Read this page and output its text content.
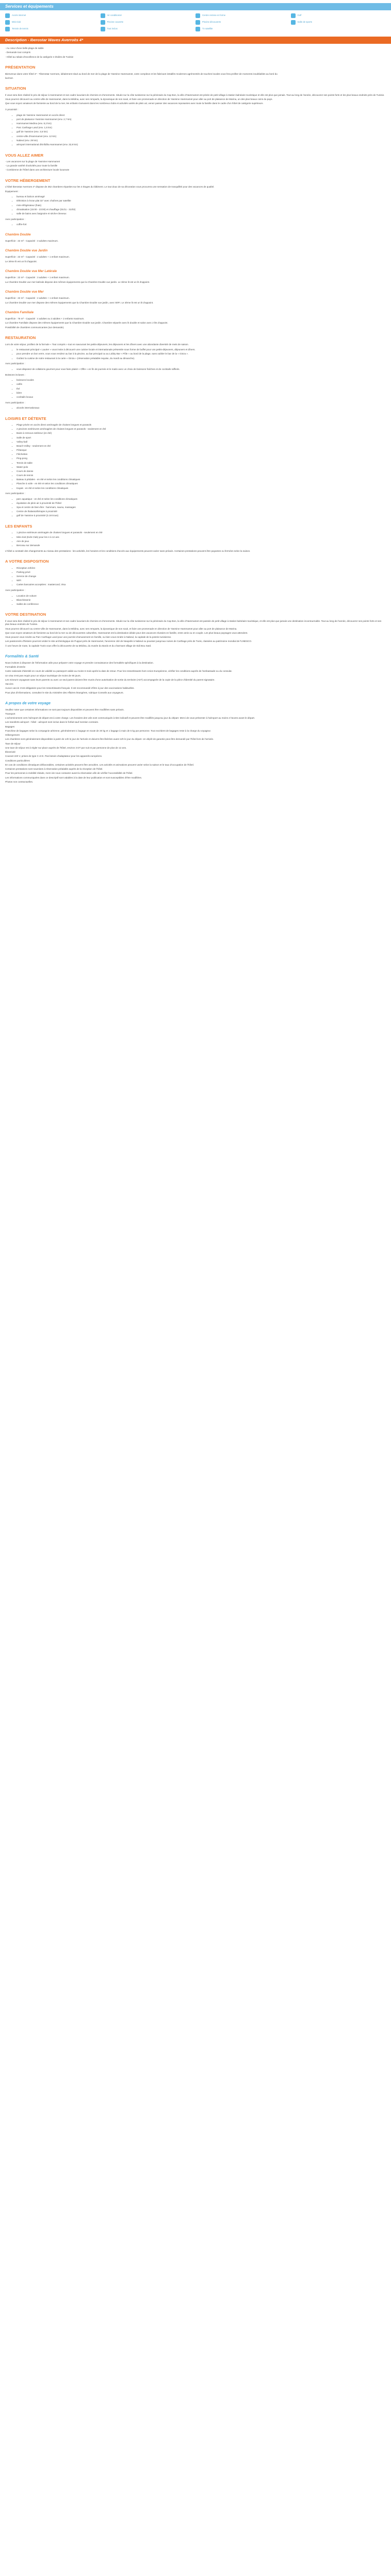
Services et équipements
Accès internet	Air conditionné	Centre remise en forme	Golf
Mini-club	Piscine couverte	Piscine découverte	Salle de sports
Terrain de tennis	Tout inclus	Tv satellite
Description - Iberostar Waves Averroès 4*

- Au cœur d'une belle plage de sable

- Demande tout compris

- Hôtel au rabais d'excellence de la catégorie 4 étoiles de Tunisie

PRÉSENTATION

Bienvenue dans votre hôtel 4* - Tiberostar Averroes, idéalement situé au bord de mer de la plage de Yasmine Hammamet, votre complexe et les fabricant installés modernes agrémentés de touches locales vous fera profiter de moments inoubliables au bord du

lac/mer.

SITUATION

Il vous sera bien réalisé le prix de séjour à Hammamet et son cadre luxuriant de chemins et d'ornements. Située sur la côte tunisienne sur la péninsule du Cap Bon, la ville d'Hammamet est prisée de petit village à station balnéaire touristique et elle est plus que jamais. Tout au long de l'année, découvrez ses points forts et les plus beaux endroits près de Tunisie.

Vous pourrez découvrir au centre-ville de Hammamet, dans la Médina, avec ses remparts, la dynamique de son souk, et faire une promenade en direction de Yasmine Hammamet pour aller au port de plaisance de Marina, un des plus beaux coins du pays.

Que vous soyez amateurs de farniente au bord de la mer, les enfants s'amusent dans les nombreux clubs et activités variés de plein air, venez passer des vacances reposantes avec toute la famille dans le cadre d'un hôtel de catégorie supérieure.

À proximité :

• plage de Yasmine Hammamet en accès direct
• port de plaisance Yasmine Hammamet (env. 2,7 km)
• Hammamet Medina (env. 8,2 km)
• Parc Carthage Land (env. 1,5 km)
• golf de Yasmine (env. 3,5 km)
• centre-ville d'Hammamet (env. 12 km)
• Nabeul (env. 29 km)
• aéroport international d'Enfidha Hammamet (env. 32,9 km)
VOUS ALLEZ AIMER

- Les vacances sur la plage de Yasmine Hammamet

- La grande variété d'activités pour toute la famille

- Combienne de l'hôtel dans une architecture locale luxueuse

VOTRE HÉBERGEMENT

L'hôtel Iberostar Averroes 4* dispose de 362 chambres réparties sur les 4 étages du bâtiment. Le tout doux de sa décoration vous procurera une sensation de tranquillité pour des vacances de qualité.

Équipement :

• bureau et balcon aménagé
• télévision à écran plat 32'' avec chaînes par satellite
• mini-réfrigérateur (frais)
• climatisation (15:00 - 23:00) et chauffage (01/11 - 31/03)
• salle de bains avec baignoire et sèche-cheveux

Avec participation :

• coffre-fort
Chambre Double

Superficie : 22 m² - Capacité : 3 adultes maximum.

Chambre Double vue Jardin

Superficie : 22 m² - Capacité : 2 adultes + 1 enfant maximum.

Le 3ème lit est un lit d'appoint.

Chambre Double vue Mer Latérale

Superficie : 22 m² - Capacité : 3 adultes + 1 enfant maximum.

La Chambre Double vue mer latérale dispose des mêmes équipements que la Chambre Double vue jardin. Le 3ème lit est un lit d'appoint.

Chambre Double vue Mer

Superficie : 22 m² - Capacité : 2 adultes + 1 enfant maximum.

La Chambre Double vue mer dispose des mêmes équipements que la Chambre Double vue jardin, avec WIFI. Le 3ème lit est un lit d'appoint.

Chambre Familiale

Superficie : 76 m² - Capacité : 4 adultes ou 2 adultes + 2 enfants maximum.

La Chambre Familiale dispose des mêmes équipements que la Chambre Double vue jardin. Chambre séparée avec lit double et salon avec 2 lits d'appoint.

Possibilité de chambres communicantes (sur demande).

RESTAURATION

Lors de votre séjour, profitez de la formule « Tout compris » tout en savourant les petits-déjeuners, les déjeuners et les dîners avec une abondante diversité de mets de saison.

• le restaurant principal « Laurier » vous invite à découvrir une cuisine locale et internationale présentée sous forme de buffet pour vos petits-déjeuners, déjeuners et dîners.
• pour prendre un bon verre, vous vous rendrez au bar à la piscine, au bar principal ou au Lobby Bar « Pôle » au bord de la plage, sans oublier le bar de la « Ginza ».
• Goûtez la cuisine de notre restaurant à la carte « Ginza » (réservation préalable requise, du mardi au dimanche).

Avec participation :

• vous disposez de collations gourmet pour vous faire plaisir « Offre » en fin de journée et le matin avec un choix de boissons fraîches et de cocktails raffinés.

Boissons incluses :

• boissons locales
• cafés
• thé
• bière
• cocktails locaux

Avec participation :

• alcools internationaux
LOISIRS ET DÉTENTE
• Plage privée en accès direct aménagée de chaises longues et parasols
• 2 piscines extérieures aménagées de chaises longues et parasols - seulement en été
• Bains à remous extérieur (en été)
• Salle de sport
• Volley-ball
• Beach-Volley - seulement en été
• Pétanque
• Fléchettes
• Ping-pong
• Tennis de table
• Water-polo
• Cours de danse
• Cours de tennis
• Bateau à pédales - en été et selon les conditions climatiques
• Planche à voile - en été et selon les conditions climatiques
• Kayak - en été et selon les conditions climatiques

Avec participation :

• parc aquatique - en été et selon les conditions climatiques
• équitation de plein air à proximité de l'hôtel
• Spa et centre de bien-être : hammam, sauna, massages
• Centre de thalassothérapie à proximité
• golf de Yasmine à proximité (à 18 trous)
LES ENFANTS
• 1 piscine extérieure aménagée de chaises longues et parasols - seulement en été
• Mini-club (Kids Club) pour les 4 à 12 ans
• Aire de jeux
• Berceau sur demande

L'hôtel a constaté des changements au niveau des prestations : les activités, les horaires et les conditions d'accès aux équipements peuvent varier sans préavis. Certaines prestations peuvent être payantes ou fermées selon la saison.

A VOTRE DISPOSITION
• Réception 24h/24
• Parking privé
• Service de change
• WiFi
• Cartes bancaires acceptées : mastercard, Visa

Avec participation :

• Location de voiture
• Blanchisserie
• Salles de conférence
VOTRE DESTINATION

Il vous sera bien réalisé le prix de séjour à Hammamet et son cadre luxuriant de chemins et d'ornements. Située sur la côte tunisienne sur la péninsule du Cap Bon, la ville d'Hammamet est passée de petit village à station balnéaire touristique, et elle est plus que jamais une destination incontournable. Tout au long de l'année, découvrez ses points forts et ses plus beaux endroits de Tunisie.

Vous pourrez découvrir au centre-ville de Hammamet, dans la Médina, avec ses remparts, la dynamique de son souk, et faire une promenade en direction de Yasmine Hammamet pour aller au port de plaisance de Marina.

Que vous soyez amateurs de farniente au bord de la mer ou de découvertes culturelles, Hammamet est la destination idéale pour des vacances réussies en famille, entre amis ou en couple. Les plus beaux paysages vous attendent.

Vous pouvez vous rendre au Parc Carthage Land pour une journée d'amusement en famille, ou bien vous rendre à Nabeul, la capitale de la poterie tunisienne.

Les passionnés d'histoire pourront visiter le site archéologique de Pupput près de Hammamet, l'ancienne cité de Neapolis à Nabeul ou pousser jusqu'aux ruines de Carthage près de Tunis, classées au patrimoine mondial de l'UNESCO.

À une heure de route, la capitale Tunis vous offre la découverte de sa Médina, du musée du Bardo et du charmant village de Sidi Bou Saïd.

Formalités & Santé

Nous invitons à disposer de l'information utile pour préparer votre voyage et prendre connaissance des formalités spécifiques à la destination.

Formalités d'entrée

Carte nationale d'identité en cours de validité ou passeport valide au moins 6 mois après la date de retour. Pour les ressortissants hors Union Européenne, vérifier les conditions auprès de l'ambassade ou du consulat.

Un visa n'est pas requis pour un séjour touristique de moins de 90 jours.

Les mineurs voyageant sans leurs parents ou avec un seul parent doivent être munis d'une autorisation de sortie du territoire (AST) accompagnée de la copie de la pièce d'identité du parent signataire.

Vaccins

Aucun vaccin n'est obligatoire pour les ressortissants français. Il est recommandé d'être à jour des vaccinations habituelles.

Pour plus d'informations, consultez le site du ministère des Affaires étrangères, rubrique Conseils aux voyageurs.

A propos de votre voyage

Veuillez noter que certaines informations ne sont pas toujours disponibles et peuvent être modifiées sans préavis.

Transport

L'acheminement vers l'aéroport de départ est à votre charge. Les horaires des vols sont communiqués à titre indicatif et peuvent être modifiés jusqu'au jour du départ. Merci de vous présenter à l'aéroport au moins 2 heures avant le départ.

Les transferts aéroport - hôtel - aéroport sont inclus dans le forfait sauf mention contraire.

Bagages

Franchise de bagages selon la compagnie aérienne, généralement 1 bagage en soute de 20 kg et 1 bagage à main de 5 kg par personne. Tout excédent de bagages reste à la charge du voyageur.

Hébergement

Les chambres sont généralement disponibles à partir de 14h le jour de l'arrivée et doivent être libérées avant 12h le jour du départ. Un dépôt de garantie peut être demandé par l'hôtel lors de l'arrivée.

Taxe de séjour

Une taxe de séjour est à régler sur place auprès de l'hôtel, environ 3 DT par nuit et par personne de plus de 12 ans.

Électricité

Courant 220 V, prises de type C et E. Pas besoin d'adaptateur pour les appareils européens.

Conditions particulières

En cas de conditions climatiques défavorables, certaines activités peuvent être annulées. Les activités et animations peuvent varier selon la saison et le taux d'occupation de l'hôtel.

Certaines prestations sont soumises à réservation préalable auprès de la réception de l'hôtel.

Pour les personnes à mobilité réduite, merci de nous contacter avant la réservation afin de vérifier l'accessibilité de l'hôtel.

Les informations communiquées dans ce descriptif sont valables à la date de leur publication et sont susceptibles d'être modifiées.

Photos non contractuelles.
